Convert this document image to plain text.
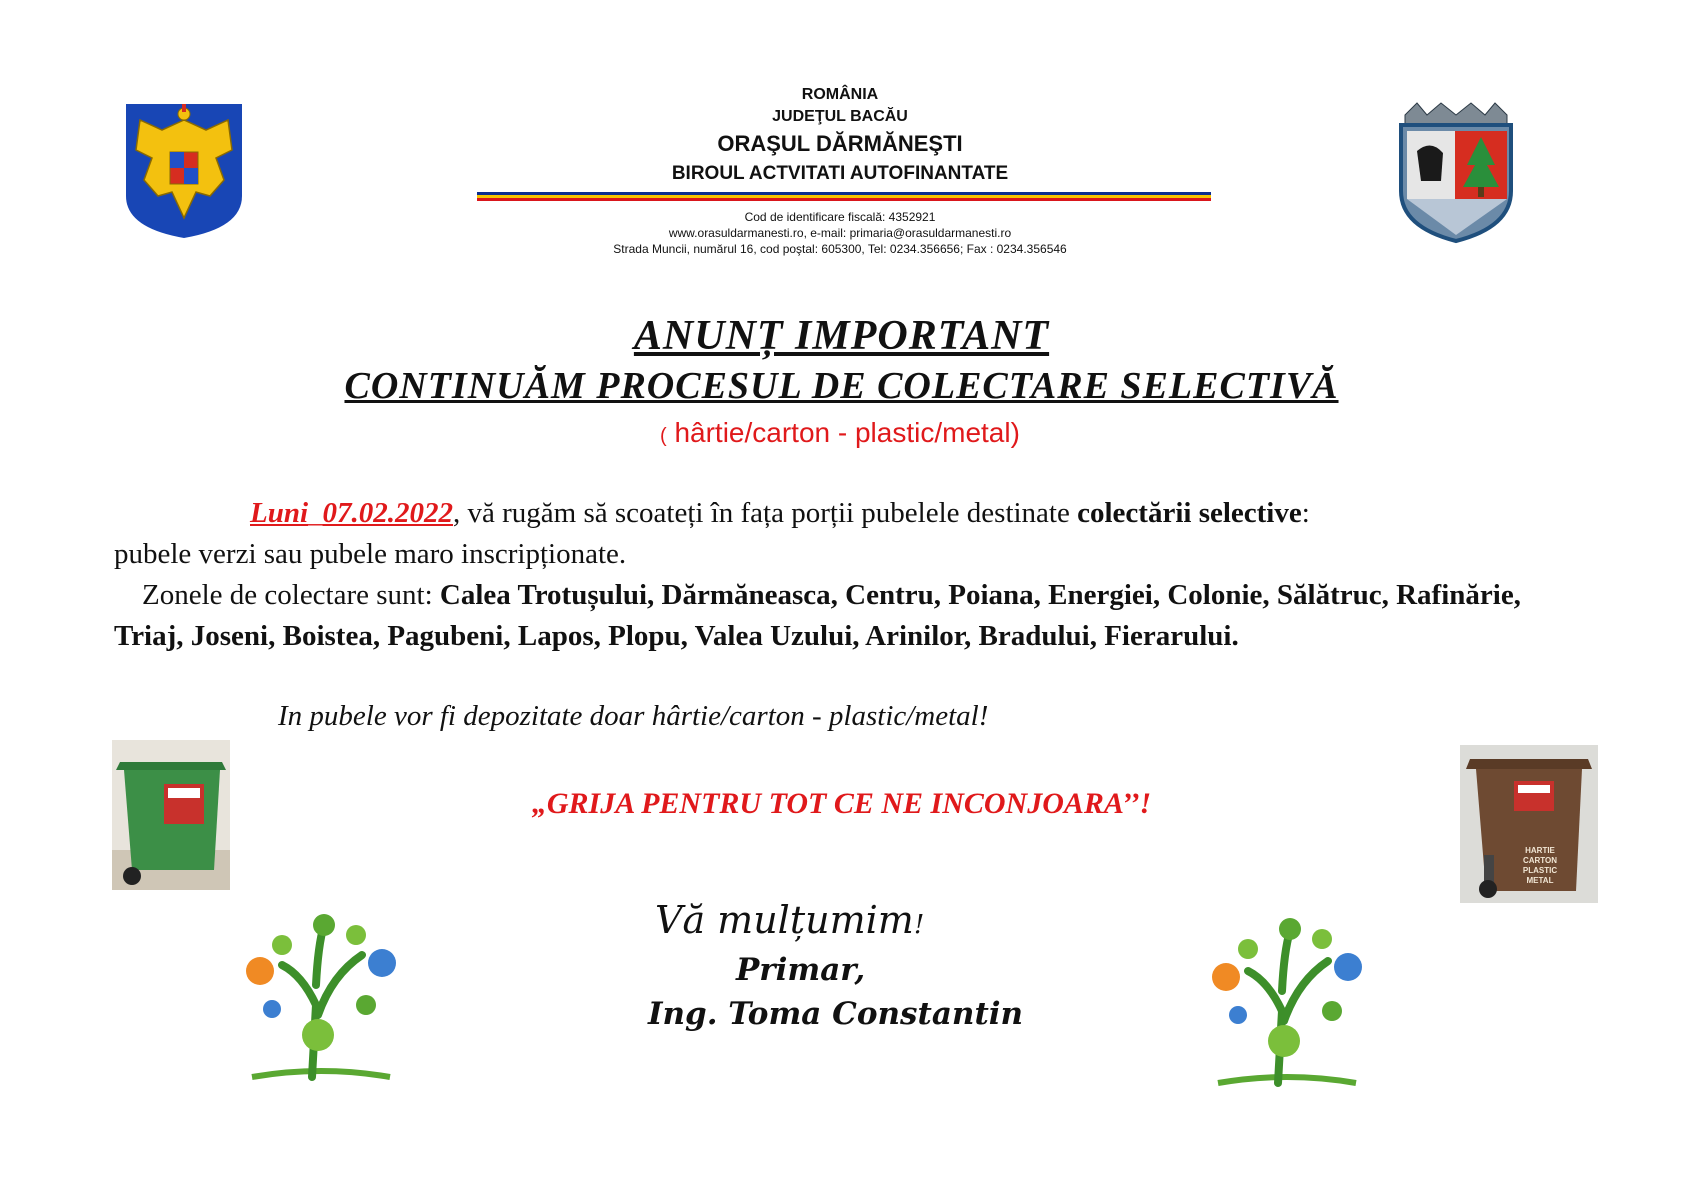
ROMÂNIA
JUDEŢUL BACĂU
ORAŞUL DĂRMĂNEŞTI
BIROUL ACTVITATI AUTOFINANTATE
Cod de identificare fiscală: 4352921
www.orasuldarmanesti.ro, e-mail: primaria@orasuldarmanesti.ro
Strada Muncii, numărul 16, cod poştal: 605300, Tel: 0234.356656; Fax : 0234.356546
ANUNȚ IMPORTANT
CONTINUĂM PROCESUL DE COLECTARE SELECTIVĂ
( hârtie/carton - plastic/metal)
Luni_07.02.2022, vă rugăm să scoateți în fața porții pubelele destinate colectării selective:
pubele verzi sau pubele maro inscripționate.
Zonele de colectare sunt: Calea Trotușului, Dărmăneasca, Centru, Poiana, Energiei, Colonie, Sălătruc, Rafinărie, Triaj, Joseni, Boistea, Pagubeni, Lapos, Plopu, Valea Uzului, Arinilor, Bradului, Fierarului.
In pubele vor fi depozitate doar hârtie/carton - plastic/metal!
HARTIE CARTON PLASTIC METAL
„GRIJA PENTRU TOT CE NE INCONJOARA’’!
Vă mulțumim!
Primar,
Ing. Toma Constantin
